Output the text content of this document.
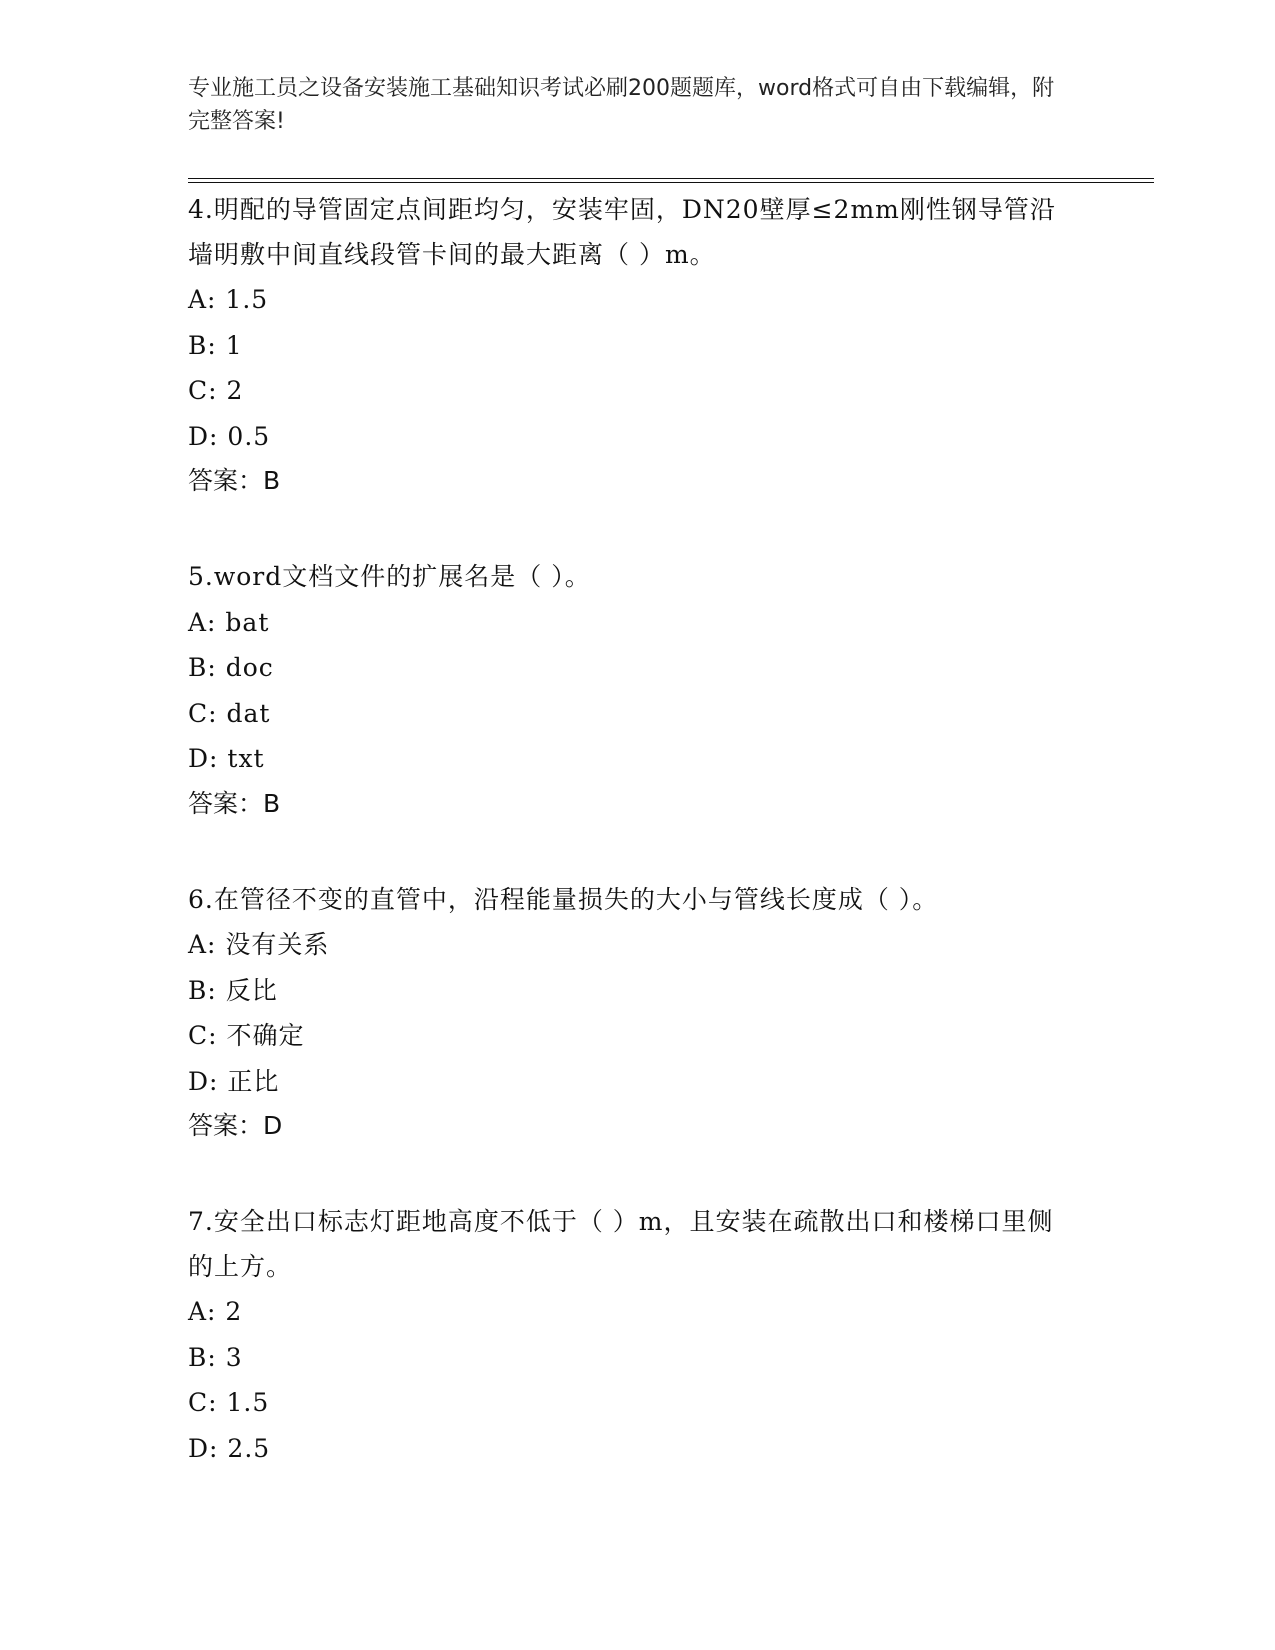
专业施工员之设备安装施工基础知识考试必刷200题题库，word格式可自由下载编辑，附完整答案!
4.明配的导管固定点间距均匀，安装牢固，DN20壁厚≤2mm刚性钢导管沿墙明敷中间直线段管卡间的最大距离（ ）m。
A: 1.5
B: 1
C: 2
D: 0.5
答案：B
5.word文档文件的扩展名是（ ）。
A: bat
B: doc
C: dat
D: txt
答案：B
6.在管径不变的直管中，沿程能量损失的大小与管线长度成（ ）。
A: 没有关系
B: 反比
C: 不确定
D: 正比
答案：D
7.安全出口标志灯距地高度不低于（ ）m，且安装在疏散出口和楼梯口里侧的上方。
A: 2
B: 3
C: 1.5
D: 2.5
